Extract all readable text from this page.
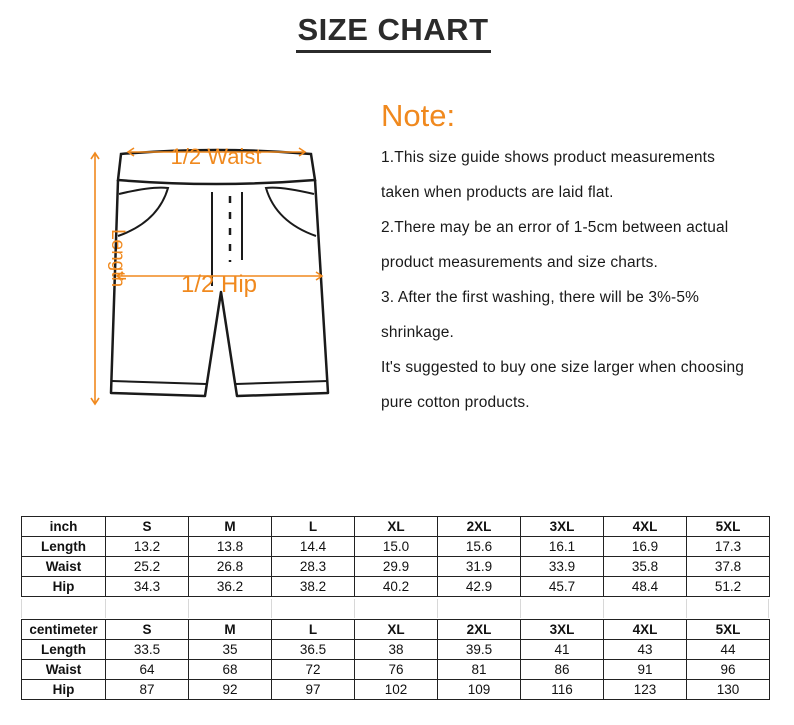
SIZE CHART
1/2 Waist
1/2 Hip
Length
Note:
1.This size guide shows product measurements
taken when products are laid flat.
2.There may be an error of 1-5cm between actual
product measurements and size charts.
3. After the first washing, there will be 3%-5%
shrinkage.
It's suggested to buy one size larger when choosing
pure cotton products.
inch	S	M	L	XL	2XL	3XL	4XL	5XL
Length	13.2	13.8	14.4	15.0	15.6	16.1	16.9	17.3
Waist	25.2	26.8	28.3	29.9	31.9	33.9	35.8	37.8
Hip	34.3	36.2	38.2	40.2	42.9	45.7	48.4	51.2
centimeter	S	M	L	XL	2XL	3XL	4XL	5XL
Length	33.5	35	36.5	38	39.5	41	43	44
Waist	64	68	72	76	81	86	91	96
Hip	87	92	97	102	109	116	123	130
